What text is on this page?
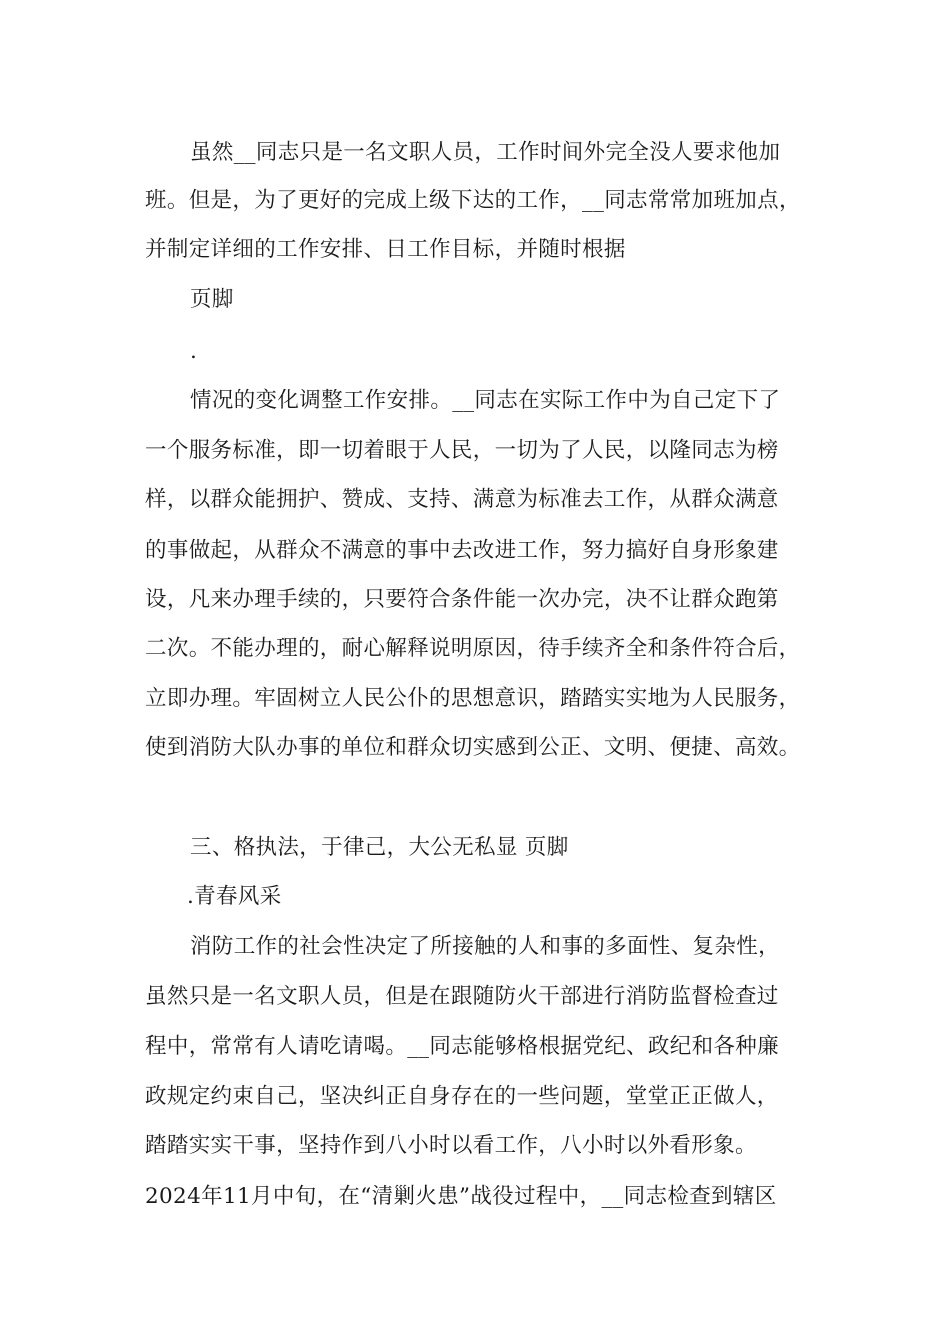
虽然__同志只是一名文职人员，工作时间外完全没人要求他加
班。但是，为了更好的完成上级下达的工作，__同志常常加班加点，
并制定详细的工作安排、日工作目标，并随时根据
页脚
.
情况的变化调整工作安排。__同志在实际工作中为自己定下了
一个服务标准，即一切着眼于人民，一切为了人民，以隆同志为榜
样，以群众能拥护、赞成、支持、满意为标准去工作，从群众满意
的事做起，从群众不满意的事中去改进工作，努力搞好自身形象建
设，凡来办理手续的，只要符合条件能一次办完，决不让群众跑第
二次。不能办理的，耐心解释说明原因，待手续齐全和条件符合后，
立即办理。牢固树立人民公仆的思想意识，踏踏实实地为人民服务，
使到消防大队办事的单位和群众切实感到公正、文明、便捷、高效。
三、格执法，于律己，大公无私显 页脚
.青春风采
消防工作的社会性决定了所接触的人和事的多面性、复杂性，
虽然只是一名文职人员，但是在跟随防火干部进行消防监督检查过
程中，常常有人请吃请喝。__同志能够格根据党纪、政纪和各种廉
政规定约束自己，坚决纠正自身存在的一些问题，堂堂正正做人，
踏踏实实干事，坚持作到八小时以看工作，八小时以外看形象。
2024年11月中旬，在“清剿火患”战役过程中，__同志检查到辖区
